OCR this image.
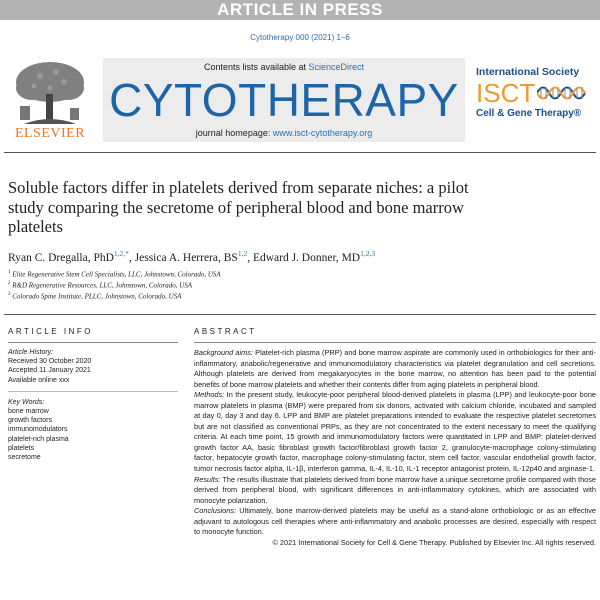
ARTICLE IN PRESS
Cytotherapy 000 (2021) 1–6
ELSEVIER
Contents lists available at ScienceDirect
CYTOTHERAPY
journal homepage: www.isct-cytotherapy.org
International Society
ISCT
Cell & Gene Therapy®
Soluble factors differ in platelets derived from separate niches: a pilot study comparing the secretome of peripheral blood and bone marrow platelets
Ryan C. Dregalla, PhD$^{1,2,*}$, Jessica A. Herrera, BS$^{1,2}$, Edward J. Donner, MD$^{1,2,3}$
$^1$ Elite Regenerative Stem Cell Specialists, LLC, Johnstown, Colorado, USA
$^2$ R&D Regenerative Resources, LLC, Johnstown, Colorado, USA
$^3$ Colorado Spine Institute, PLLC, Johnstown, Colorado, USA
ARTICLE INFO	ABSTRACT
Article History:
Received 30 October 2020
Accepted 11 January 2021
Available online xxx
Key Words:
bone marrow
growth factors
immunomodulators
platelet-rich plasma
platelets
secretome

Background aims: Platelet-rich plasma (PRP) and bone marrow aspirate are commonly used in orthobiologics for their anti-inflammatory, anabolic/regenerative and immunomodulatory characteristics via platelet degranulation and cell secretions. Although platelets are derived from megakaryocytes in the bone marrow, no attention has been paid to the potential benefits of bone marrow platelets and whether their contents differ from aging platelets in peripheral blood.

Methods: In the present study, leukocyte-poor peripheral blood-derived platelets in plasma (LPP) and leukocyte-poor bone marrow platelets in plasma (BMP) were prepared from six donors, activated with calcium chloride, incubated and sampled at day 0, day 3 and day 6. LPP and BMP are platelet preparations intended to evaluate the respective platelet secretomes but are not classified as conventional PRPs, as they are not concentrated to the extent necessary to meet the qualifying criteria. At each time point, 15 growth and immunomodulatory factors were quantitated in LPP and BMP: platelet-derived growth factor AA, basic fibroblast growth factor/fibroblast growth factor 2, granulocyte-macrophage colony-stimulating factor, hepatocyte growth factor, macrophage colony-stimulating factor, stem cell factor, vascular endothelial growth factor, tumor necrosis factor alpha, IL-1β, interferon gamma, IL-4, IL-10, IL-1 receptor antagonist protein, IL-12p40 and arginase-1.

Results: The results illustrate that platelets derived from bone marrow have a unique secretome profile compared with those derived from peripheral blood, with significant differences in anti-inflammatory cytokines, which are associated with monocyte polarization.

Conclusions: Ultimately, bone marrow-derived platelets may be useful as a stand-alone orthobiologic or as an effective adjuvant to autologous cell therapies where anti-inflammatory and anabolic processes are desired, especially with respect to monocyte function.

© 2021 International Society for Cell & Gene Therapy. Published by Elsevier Inc. All rights reserved.
